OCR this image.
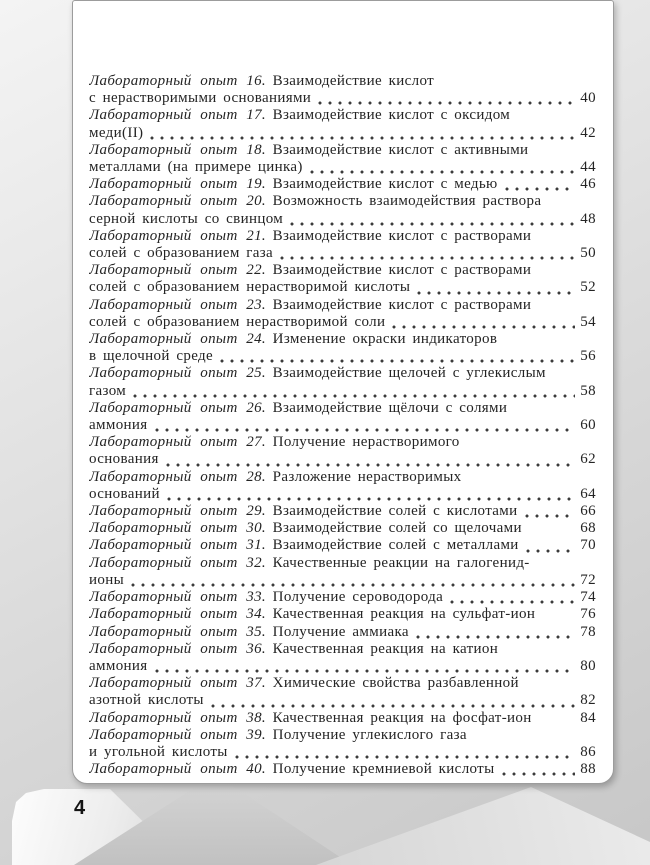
Лабораторный опыт 16. Взаимодействие кислот
с нерастворимыми основаниями	40
Лабораторный опыт 17. Взаимодействие кислот с оксидом
меди(II)	42
Лабораторный опыт 18. Взаимодействие кислот с активными
металлами (на примере цинка)	44
Лабораторный опыт 19. Взаимодействие кислот с медью	46
Лабораторный опыт 20. Возможность взаимодействия раствора
серной кислоты со свинцом	48
Лабораторный опыт 21. Взаимодействие кислот с растворами
солей с образованием газа	50
Лабораторный опыт 22. Взаимодействие кислот с растворами
солей с образованием нерастворимой кислоты	52
Лабораторный опыт 23. Взаимодействие кислот с растворами
солей с образованием нерастворимой соли	54
Лабораторный опыт 24. Изменение окраски индикаторов
в щелочной среде	56
Лабораторный опыт 25. Взаимодействие щелочей с углекислым
газом	58
Лабораторный опыт 26. Взаимодействие щёлочи с солями
аммония	60
Лабораторный опыт 27. Получение нерастворимого
основания	62
Лабораторный опыт 28. Разложение нерастворимых
оснований	64
Лабораторный опыт 29. Взаимодействие солей с кислотами	66
Лабораторный опыт 30. Взаимодействие солей со щелочами	68
Лабораторный опыт 31. Взаимодействие солей с металлами	70
Лабораторный опыт 32. Качественные реакции на галогенид-
ионы	72
Лабораторный опыт 33. Получение сероводорода	74
Лабораторный опыт 34. Качественная реакция на сульфат-ион	76
Лабораторный опыт 35. Получение аммиака	78
Лабораторный опыт 36. Качественная реакция на катион
аммония	80
Лабораторный опыт 37. Химические свойства разбавленной
азотной кислоты	82
Лабораторный опыт 38. Качественная реакция на фосфат-ион	84
Лабораторный опыт 39. Получение углекислого газа
и угольной кислоты	86
Лабораторный опыт 40. Получение кремниевой кислоты	88
4
